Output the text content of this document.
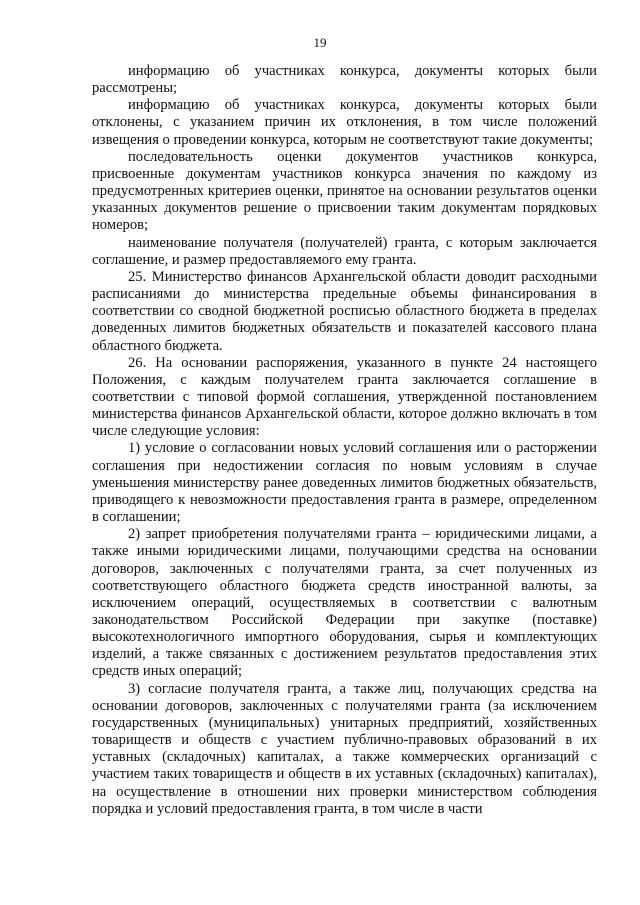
19

информацию об участниках конкурса, документы которых были рассмотрены;

информацию об участниках конкурса, документы которых были отклонены, с указанием причин их отклонения, в том числе положений извещения о проведении конкурса, которым не соответствуют такие документы;

последовательность оценки документов участников конкурса, присвоенные документам участников конкурса значения по каждому из предусмотренных критериев оценки, принятое на основании результатов оценки указанных документов решение о присвоении таким документам порядковых номеров;

наименование получателя (получателей) гранта, с которым заключается соглашение, и размер предоставляемого ему гранта.

25. Министерство финансов Архангельской области доводит расходными расписаниями до министерства предельные объемы финансирования в соответствии со сводной бюджетной росписью областного бюджета в пределах доведенных лимитов бюджетных обязательств и показателей кассового плана областного бюджета.

26. На основании распоряжения, указанного в пункте 24 настоящего Положения, с каждым получателем гранта заключается соглашение в соответствии с типовой формой соглашения, утвержденной постановлением министерства финансов Архангельской области, которое должно включать в том числе следующие условия:

1) условие о согласовании новых условий соглашения или о расторжении соглашения при недостижении согласия по новым условиям в случае уменьшения министерству ранее доведенных лимитов бюджетных обязательств, приводящего к невозможности предоставления гранта в размере, определенном в соглашении;

2) запрет приобретения получателями гранта – юридическими лицами, а также иными юридическими лицами, получающими средства на основании договоров, заключенных с получателями гранта, за счет полученных из соответствующего областного бюджета средств иностранной валюты, за исключением операций, осуществляемых в соответствии с валютным законодательством Российской Федерации при закупке (поставке) высокотехнологичного импортного оборудования, сырья и комплектующих изделий, а также связанных с достижением результатов предоставления этих средств иных операций;

3) согласие получателя гранта, а также лиц, получающих средства на основании договоров, заключенных с получателями гранта (за исключением государственных (муниципальных) унитарных предприятий, хозяйственных товариществ и обществ с участием публично-правовых образований в их уставных (складочных) капиталах, а также коммерческих организаций с участием таких товариществ и обществ в их уставных (складочных) капиталах), на осуществление в отношении них проверки министерством соблюдения порядка и условий предоставления гранта, в том числе в части
